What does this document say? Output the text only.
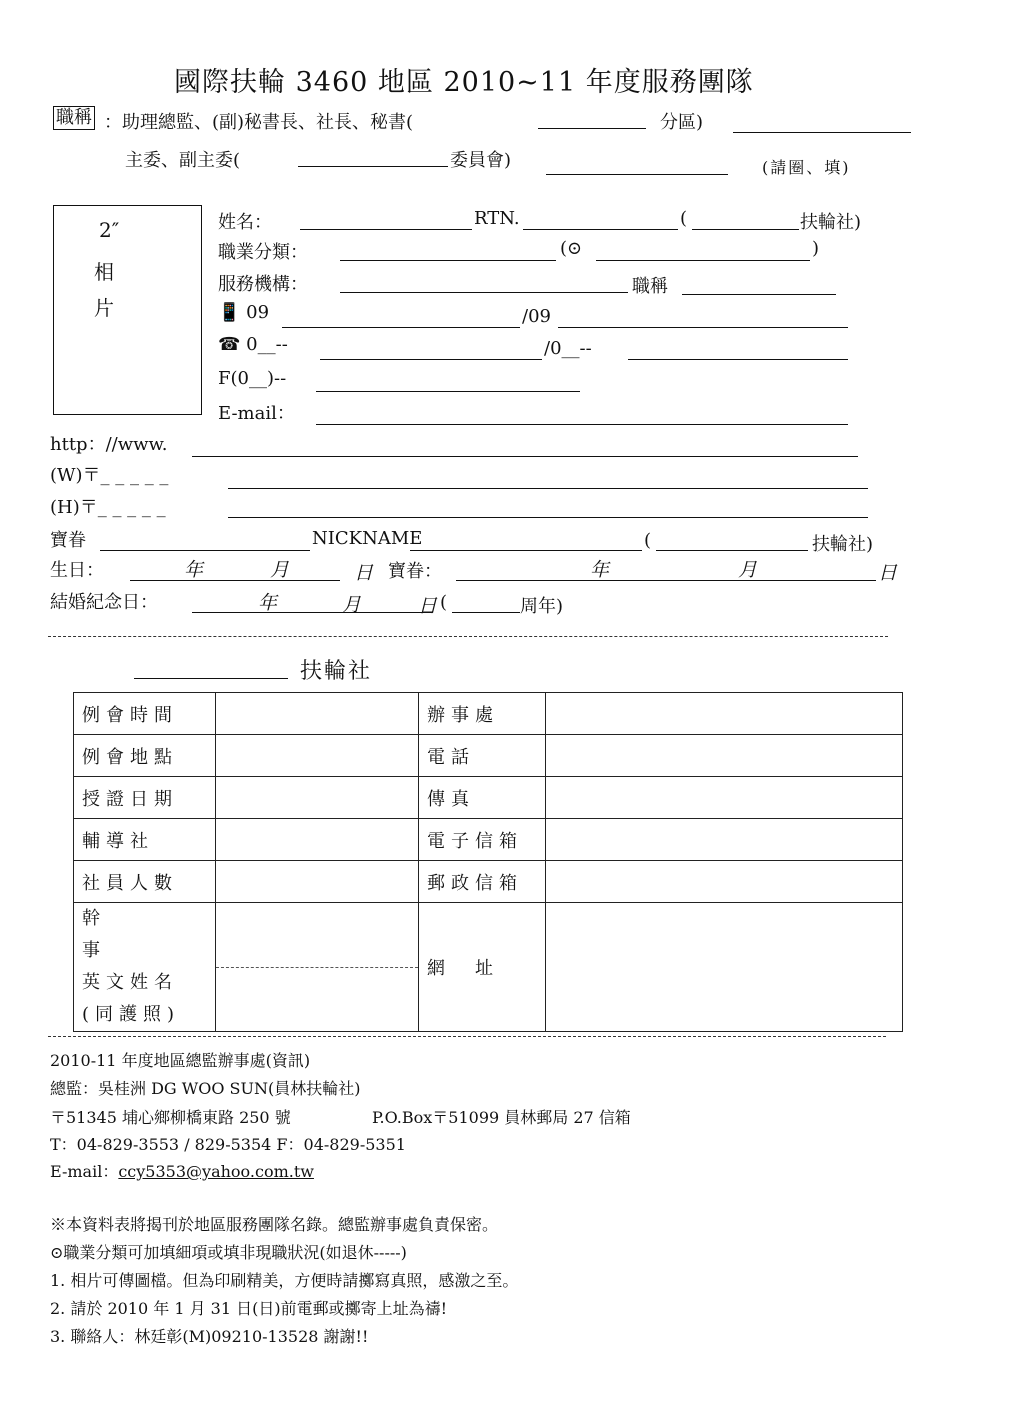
國際扶輪 3460 地區 2010~11 年度服務團隊
職稱 ：助理總監、(副)秘書長、社長、秘書(	分區)
主委、副主委(	委員會)	(請圈、填)
2″
相
片
姓名：	RTN.	(	扶輪社)
職業分類：	(⊙	)
服務機構：	職稱
📱 09	/09
☎ 0__--	/0__--
F(0__)--
E-mail：
http：//www.
(W)〒_ _ _ _ _
(H)〒_ _ _ _ _
寶眷	NICKNAME	(	扶輪社)
生日：	年	月	日 寶眷：	年	月	日
結婚紀念日：	年	月	日 (	周年)
扶輪社
例會時間		辦事處	
例會地點		電話	
授證日期		傳真	
輔導社		電子信箱	
社員人數		郵政信箱	

幹事
英文姓名
(同護照)		網址	
2010-11 年度地區總監辦事處(資訊)
總監：吳桂洲 DG WOO SUN(員林扶輪社)
〒51345 埔心鄉柳橋東路 250 號	P.O.Box〒51099 員林郵局 27 信箱
T：04-829-3553 / 829-5354 F：04-829-5351
E-mail：ccy5353@yahoo.com.tw
※本資料表將揭刊於地區服務團隊名錄。總監辦事處負責保密。
⊙職業分類可加填細項或填非現職狀況(如退休-----)
1. 相片可傳圖檔。但為印刷精美，方便時請擲寫真照，感激之至。
2. 請於 2010 年 1 月 31 日(日)前電郵或擲寄上址為禱!
3. 聯絡人：林廷彰(M)09210-13528 謝謝!!
